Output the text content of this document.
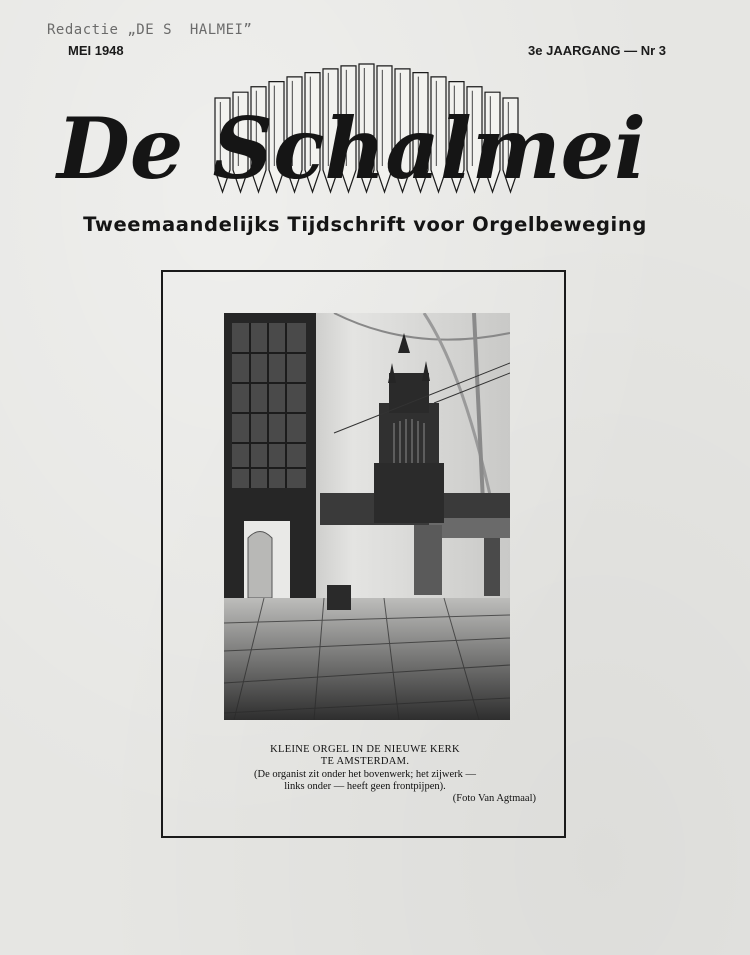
Redactie „DE S  HALMEI”
MEI 1948	3e JAARGANG — Nr 3
De Schalmei
Tweemaandelijks Tijdschrift voor Orgelbeweging
KLEINE ORGEL IN DE NIEUWE KERK
TE AMSTERDAM.
(De organist zit onder het bovenwerk; het zijwerk —
links onder — heeft geen frontpijpen).
(Foto Van Agtmaal)
